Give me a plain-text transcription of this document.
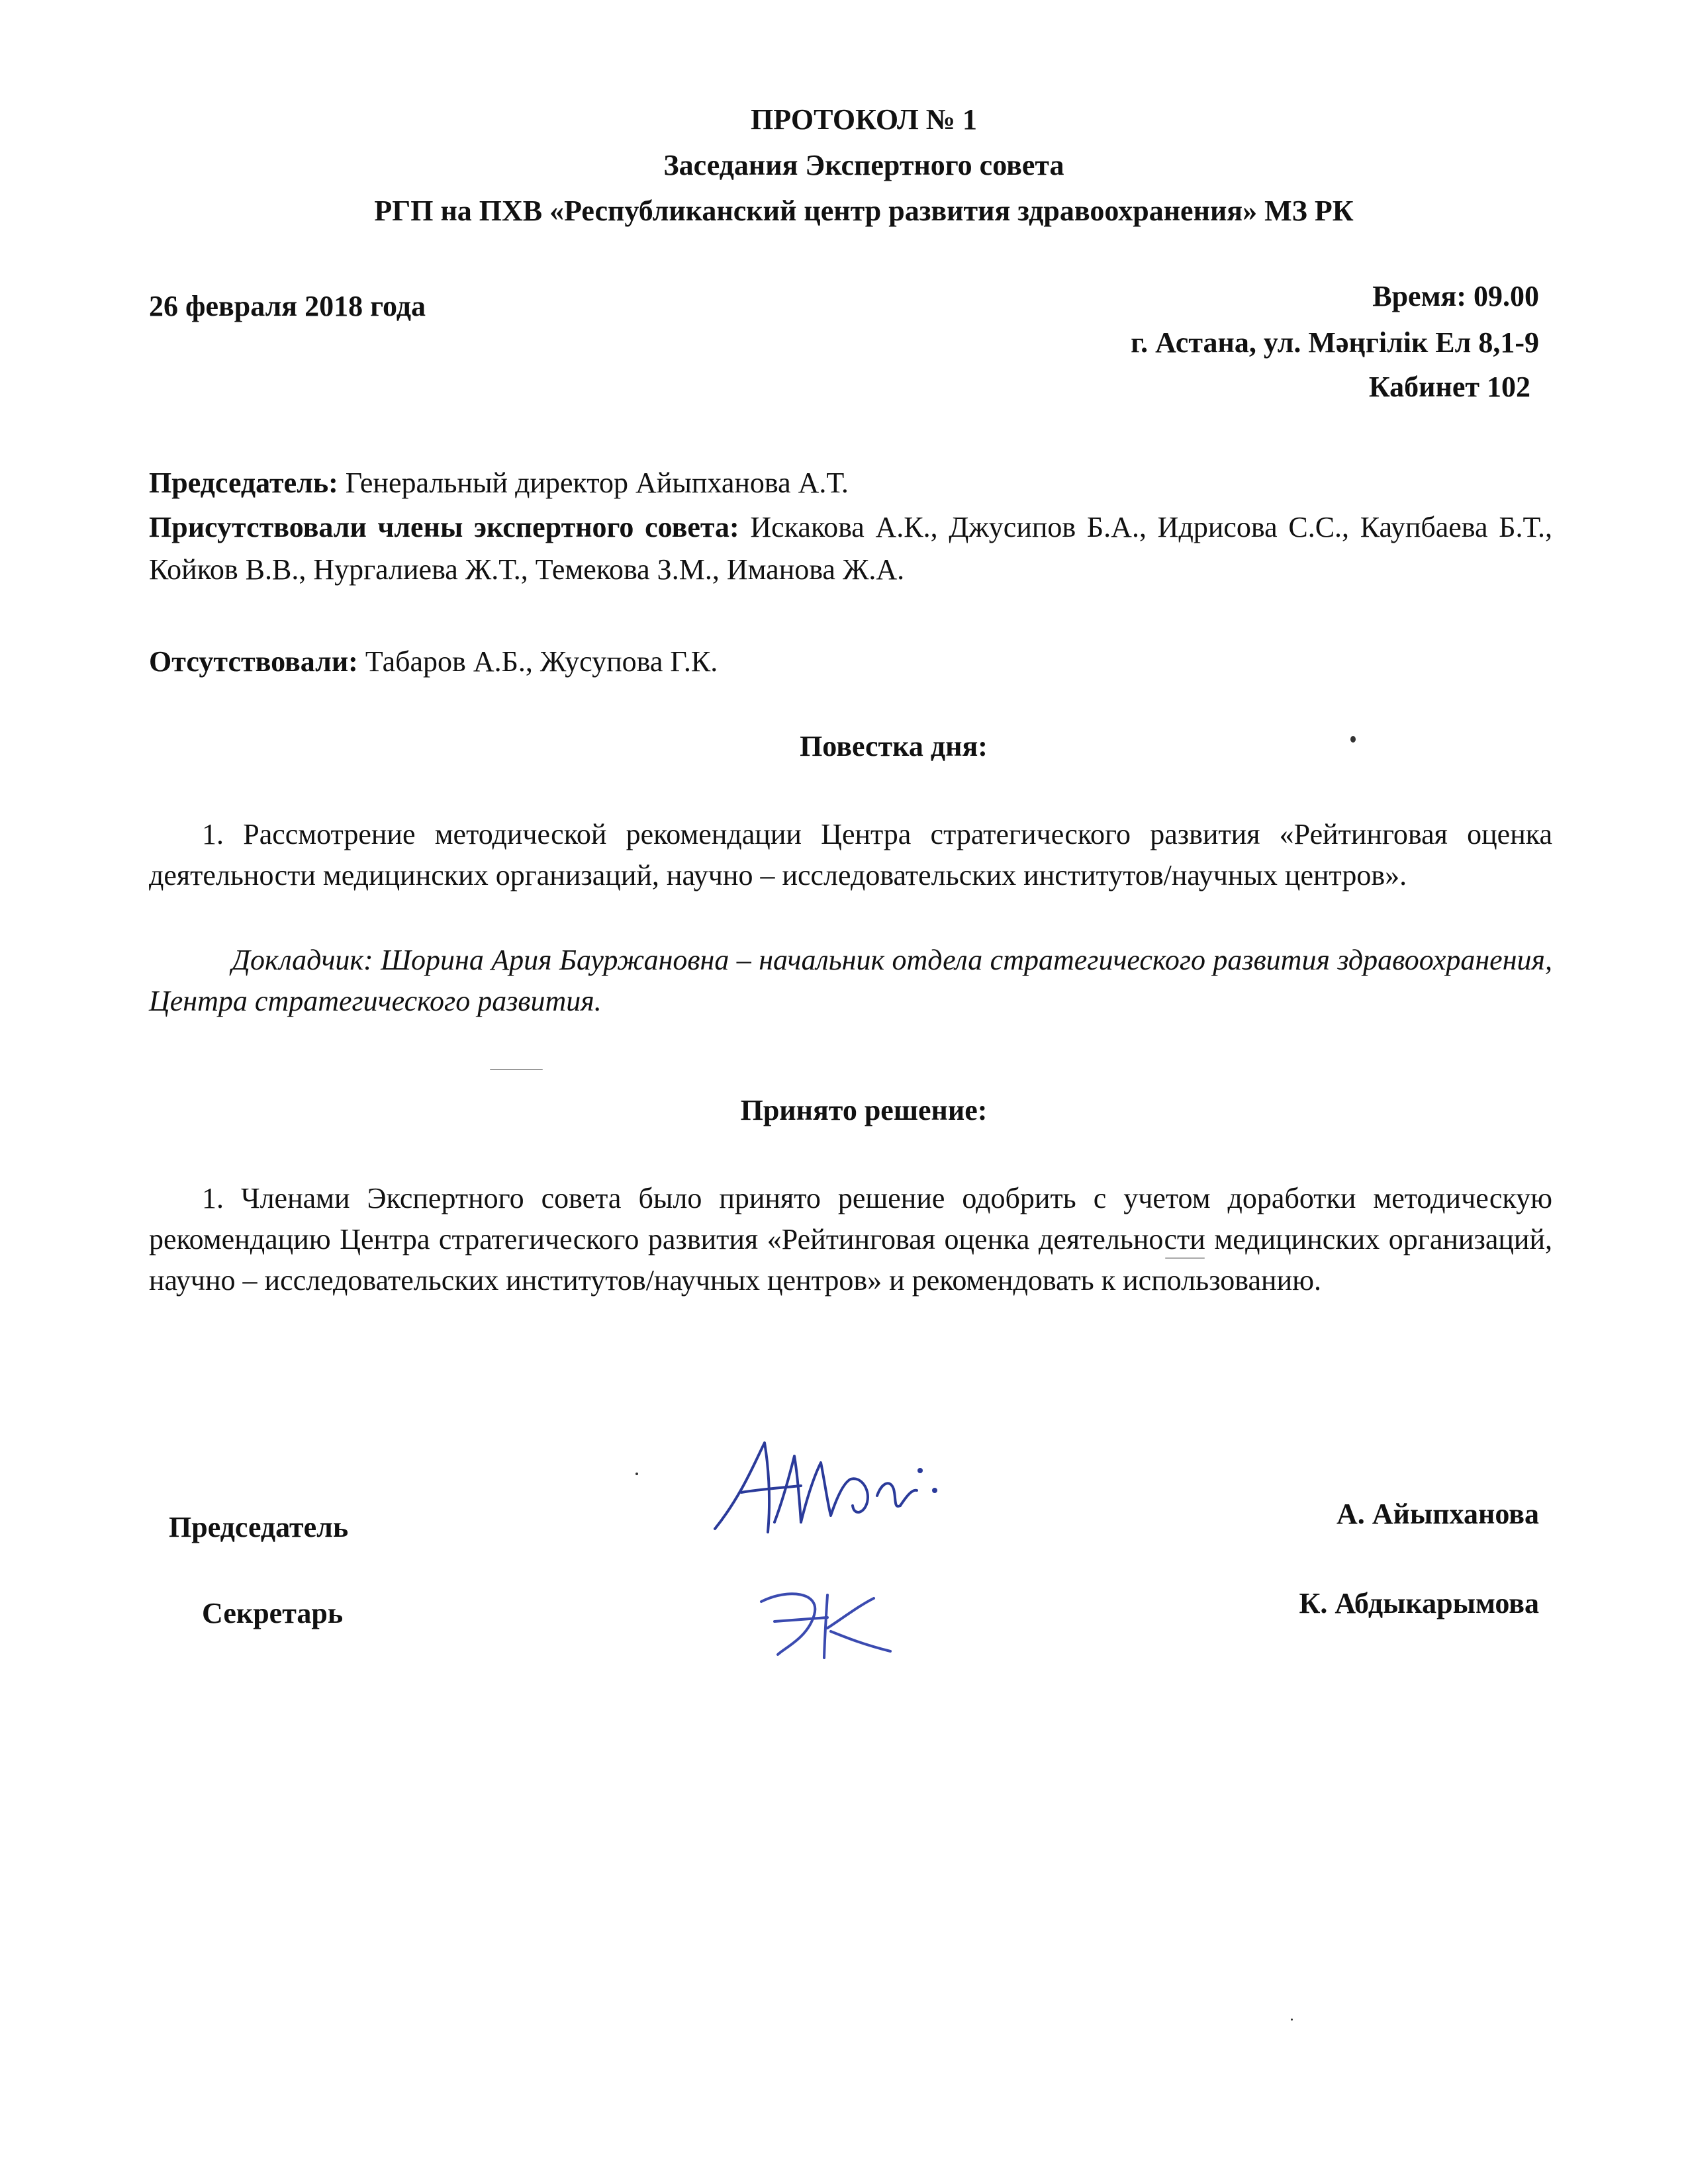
ПРОТОКОЛ № 1
Заседания Экспертного совета
РГП на ПХВ «Республиканский центр развития здравоохранения» МЗ РК
26 февраля 2018 года	Время: 09.00
г. Астана, ул. Мәңгілік Ел 8,1-9
Кабинет 102
Председатель: Генеральный директор Айыпханова А.Т.
Присутствовали члены экспертного совета: Искакова А.К., Джусипов Б.А., Идрисова С.С., Каупбаева Б.Т., Койков В.В., Нургалиева Ж.Т., Темекова З.М., Иманова Ж.А.
Отсутствовали: Табаров А.Б., Жусупова Г.К.
Повестка дня:
1. Рассмотрение методической рекомендации Центра стратегического развития «Рейтинговая оценка деятельности медицинских организаций, научно – исследовательских институтов/научных центров».
Докладчик: Шорина Ария Бауржановна – начальник отдела стратегического развития здравоохранения, Центра стратегического развития.
Принято решение:
1. Членами Экспертного совета было принято решение одобрить с учетом доработки методическую рекомендацию Центра стратегического развития «Рейтинговая оценка деятельности медицинских организаций, научно – исследовательских институтов/научных центров» и рекомендовать к использованию.
Председатель	А. Айыпханова
Секретарь	К. Абдыкарымова
